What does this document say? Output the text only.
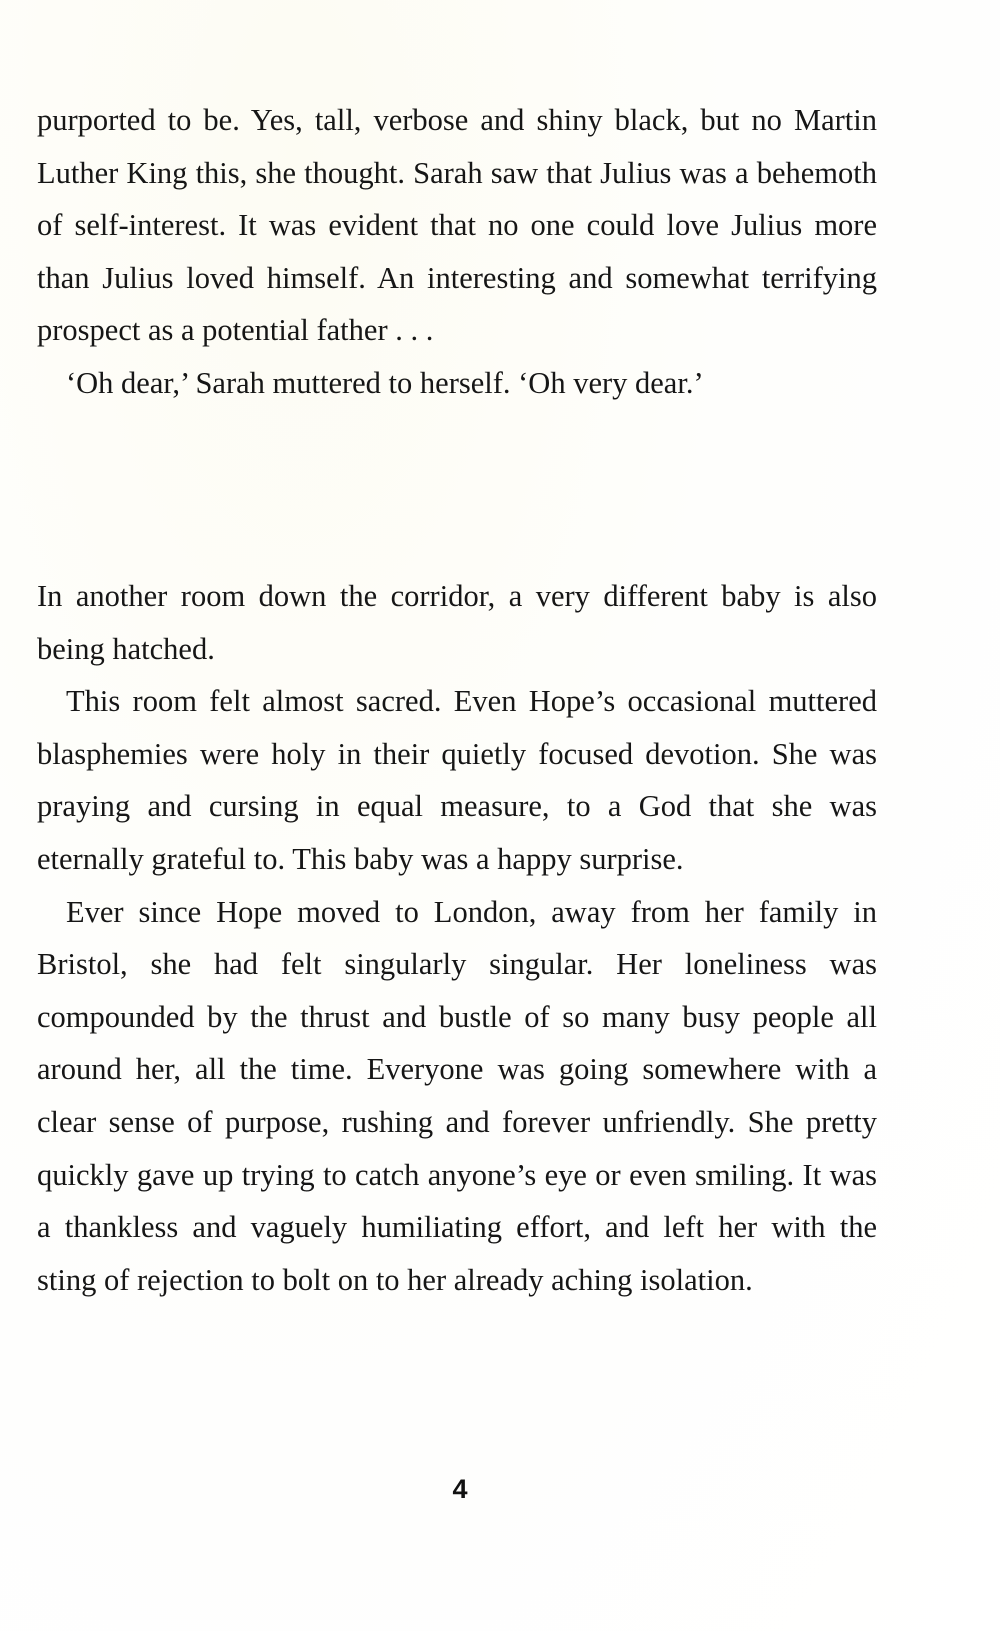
purported to be. Yes, tall, verbose and shiny black, but no Martin Luther King this, she thought. Sarah saw that Julius was a behemoth of self-interest. It was evident that no one could love Julius more than Julius loved himself. An interesting and somewhat terrifying prospect as a potential father . . .

‘Oh dear,’ Sarah muttered to herself. ‘Oh very dear.’

In another room down the corridor, a very different baby is also being hatched.

This room felt almost sacred. Even Hope’s occasional muttered blasphemies were holy in their quietly focused devotion. She was praying and cursing in equal measure, to a God that she was eternally grateful to. This baby was a happy surprise.

Ever since Hope moved to London, away from her family in Bristol, she had felt singularly singular. Her loneliness was compounded by the thrust and bustle of so many busy people all around her, all the time. Everyone was going somewhere with a clear sense of purpose, rushing and forever unfriendly. She pretty quickly gave up trying to catch anyone’s eye or even smiling. It was a thankless and vaguely humiliating effort, and left her with the sting of rejection to bolt on to her already aching isolation.

4
